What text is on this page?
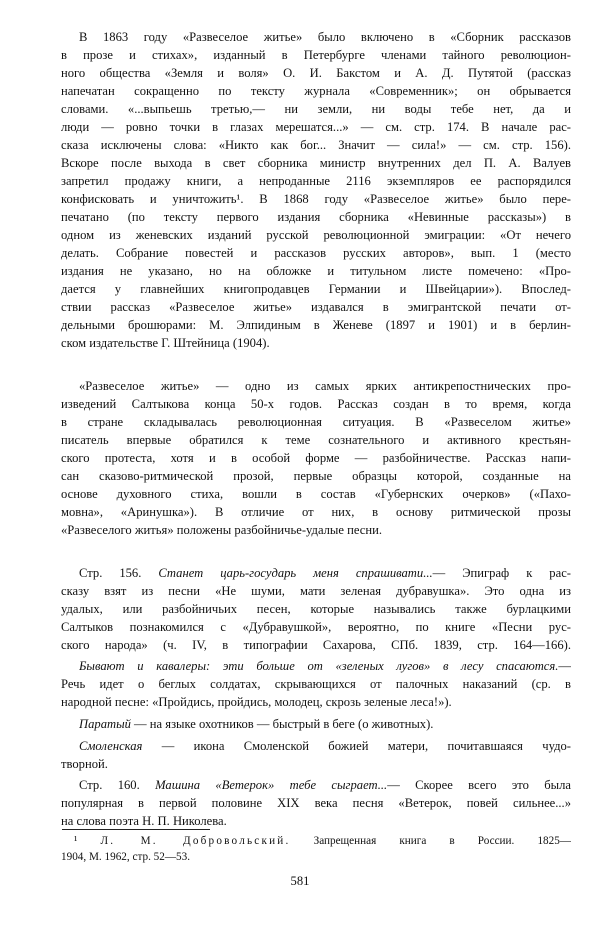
В 1863 году «Развеселое житье» было включено в «Сборник рассказов
в прозе и стихах», изданный в Петербурге членами тайного революцион-
ного общества «Земля и воля» О. И. Бакстом и А. Д. Путятой (рассказ
напечатан сокращенно по тексту журнала «Современник»; он обрывается
словами. «...выпьешь третью,— ни земли, ни воды тебе нет, да и
люди — ровно точки в глазах мерешатся...» — см. стр. 174. В начале рас-
сказа исключены слова: «Никто как бог... Значит — сила!» — см. стр. 156).
Вскоре после выхода в свет сборника министр внутренних дел П. А. Валуев
запретил продажу книги, а непроданные 2116 экземпляров ее распорядился
конфисковать и уничтожить¹. В 1868 году «Развеселое житье» было пере-
печатано (по тексту первого издания сборника «Невинные рассказы») в
одном из женевских изданий русской революционной эмиграции: «От нечего
делать. Собрание повестей и рассказов русских авторов», вып. 1 (место
издания не указано, но на обложке и титульном листе помечено: «Про-
дается у главнейших книгопродавцев Германии и Швейцарии»). Впослед-
ствии рассказ «Развеселое житье» издавался в эмигрантской печати от-
дельными брошюрами: М. Элпидиным в Женеве (1897 и 1901) и в берлин-
ском издательстве Г. Штейница (1904).
«Развеселое житье» — одно из самых ярких антикрепостнических про-
изведений Салтыкова конца 50-х годов. Рассказ создан в то время, когда
в стране складывалась революционная ситуация. В «Развеселом житье»
писатель впервые обратился к теме сознательного и активного крестьян-
ского протеста, хотя и в особой форме — разбойничестве. Рассказ напи-
сан сказово-ритмической прозой, первые образцы которой, созданные на
основе духовного стиха, вошли в состав «Губернских очерков» («Пахо-
мовна», «Аринушка»). В отличие от них, в основу ритмической прозы
«Развеселого житья» положены разбойничье-удалые песни.
Стр. 156. Станет царь-государь меня спрашивати...— Эпиграф к рас-
сказу взят из песни «Не шуми, мати зеленая дубравушка». Это одна из
удалых, или разбойничьих песен, которые назывались также бурлацкими
Салтыков познакомился с «Дубравушкой», вероятно, по книге «Песни рус-
ского народа» (ч. IV, в типографии Сахарова, СПб. 1839, стр. 164—166).
Бывают и кавалеры: эти больше от «зеленых лугов» в лесу спасаются.—
Речь идет о беглых солдатах, скрывающихся от палочных наказаний (ср. в
народной песне: «Пройдись, пройдись, молодец, скрозь зеленые леса!»).
Паратый — на языке охотников — быстрый в беге (о животных).
Смоленская — икона Смоленской божией матери, почитавшаяся чудо-
творной.
Стр. 160. Машина «Ветерок» тебе сыграет...— Скорее всего это была
популярная в первой половине XIX века песня «Ветерок, повей сильнее...»
на слова поэта Н. П. Николева.
¹ Л. М. Добровольский. Запрещенная книга в России. 1825—
1904, М. 1962, стр. 52—53.
581
